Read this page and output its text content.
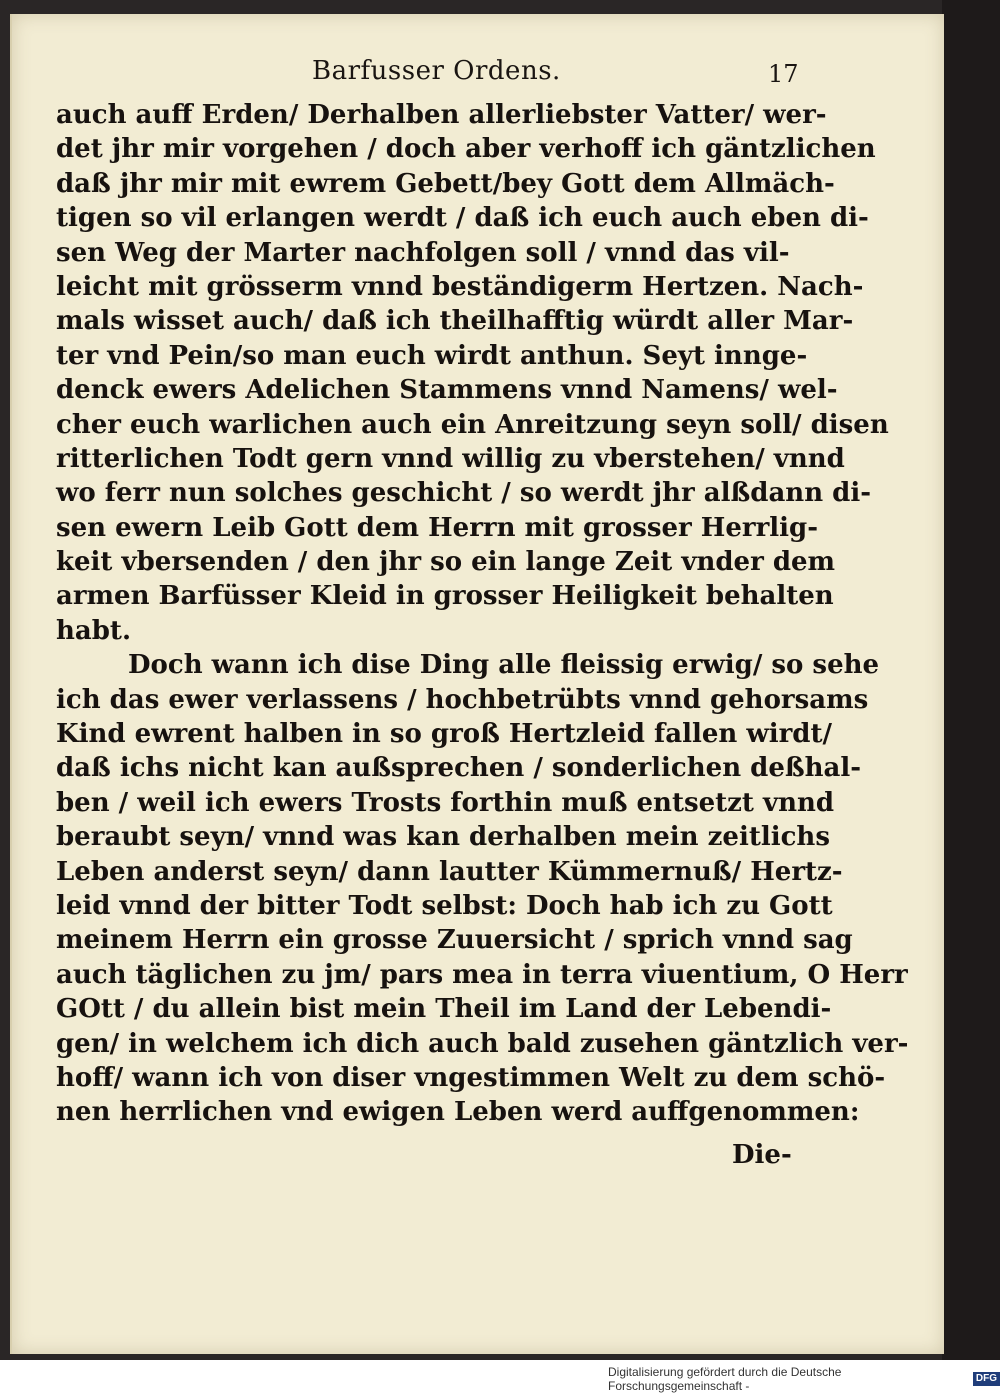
Barfusser Ordens.	17
auch auff Erden/ Derhalben allerliebster Vatter/ wer-
det jhr mir vorgehen / doch aber verhoff ich gäntzlichen
daß jhr mir mit ewrem Gebett/bey Gott dem Allmäch-
tigen so vil erlangen werdt / daß ich euch auch eben di-
sen Weg der Marter nachfolgen soll / vnnd das vil-
leicht mit grösserm vnnd beständigerm Hertzen. Nach-
mals wisset auch/ daß ich theilhafftig würdt aller Mar-
ter vnd Pein/so man euch wirdt anthun. Seyt innge-
denck ewers Adelichen Stammens vnnd Namens/ wel-
cher euch warlichen auch ein Anreitzung seyn soll/ disen
ritterlichen Todt gern vnnd willig zu vberstehen/ vnnd
wo ferr nun solches geschicht / so werdt jhr alßdann di-
sen ewern Leib Gott dem Herrn mit grosser Herrlig-
keit vbersenden / den jhr so ein lange Zeit vnder dem
armen Barfüsser Kleid in grosser Heiligkeit behalten
habt.
Doch wann ich dise Ding alle fleissig erwig/ so sehe
ich das ewer verlassens / hochbetrübts vnnd gehorsams
Kind ewrent halben in so groß Hertzleid fallen wirdt/
daß ichs nicht kan außsprechen / sonderlichen deßhal-
ben / weil ich ewers Trosts forthin muß entsetzt vnnd
beraubt seyn/ vnnd was kan derhalben mein zeitlichs
Leben anderst seyn/ dann lautter Kümmernuß/ Hertz-
leid vnnd der bitter Todt selbst: Doch hab ich zu Gott
meinem Herrn ein grosse Zuuersicht / sprich vnnd sag
auch täglichen zu jm/ pars mea in terra viuentium, O Herr
GOtt / du allein bist mein Theil im Land der Lebendi-
gen/ in welchem ich dich auch bald zusehen gäntzlich ver-
hoff/ wann ich von diser vngestimmen Welt zu dem schö-
nen herrlichen vnd ewigen Leben werd auffgenommen:
Die-
Digitalisierung gefördert durch die Deutsche Forschungsgemeinschaft -
DFG
